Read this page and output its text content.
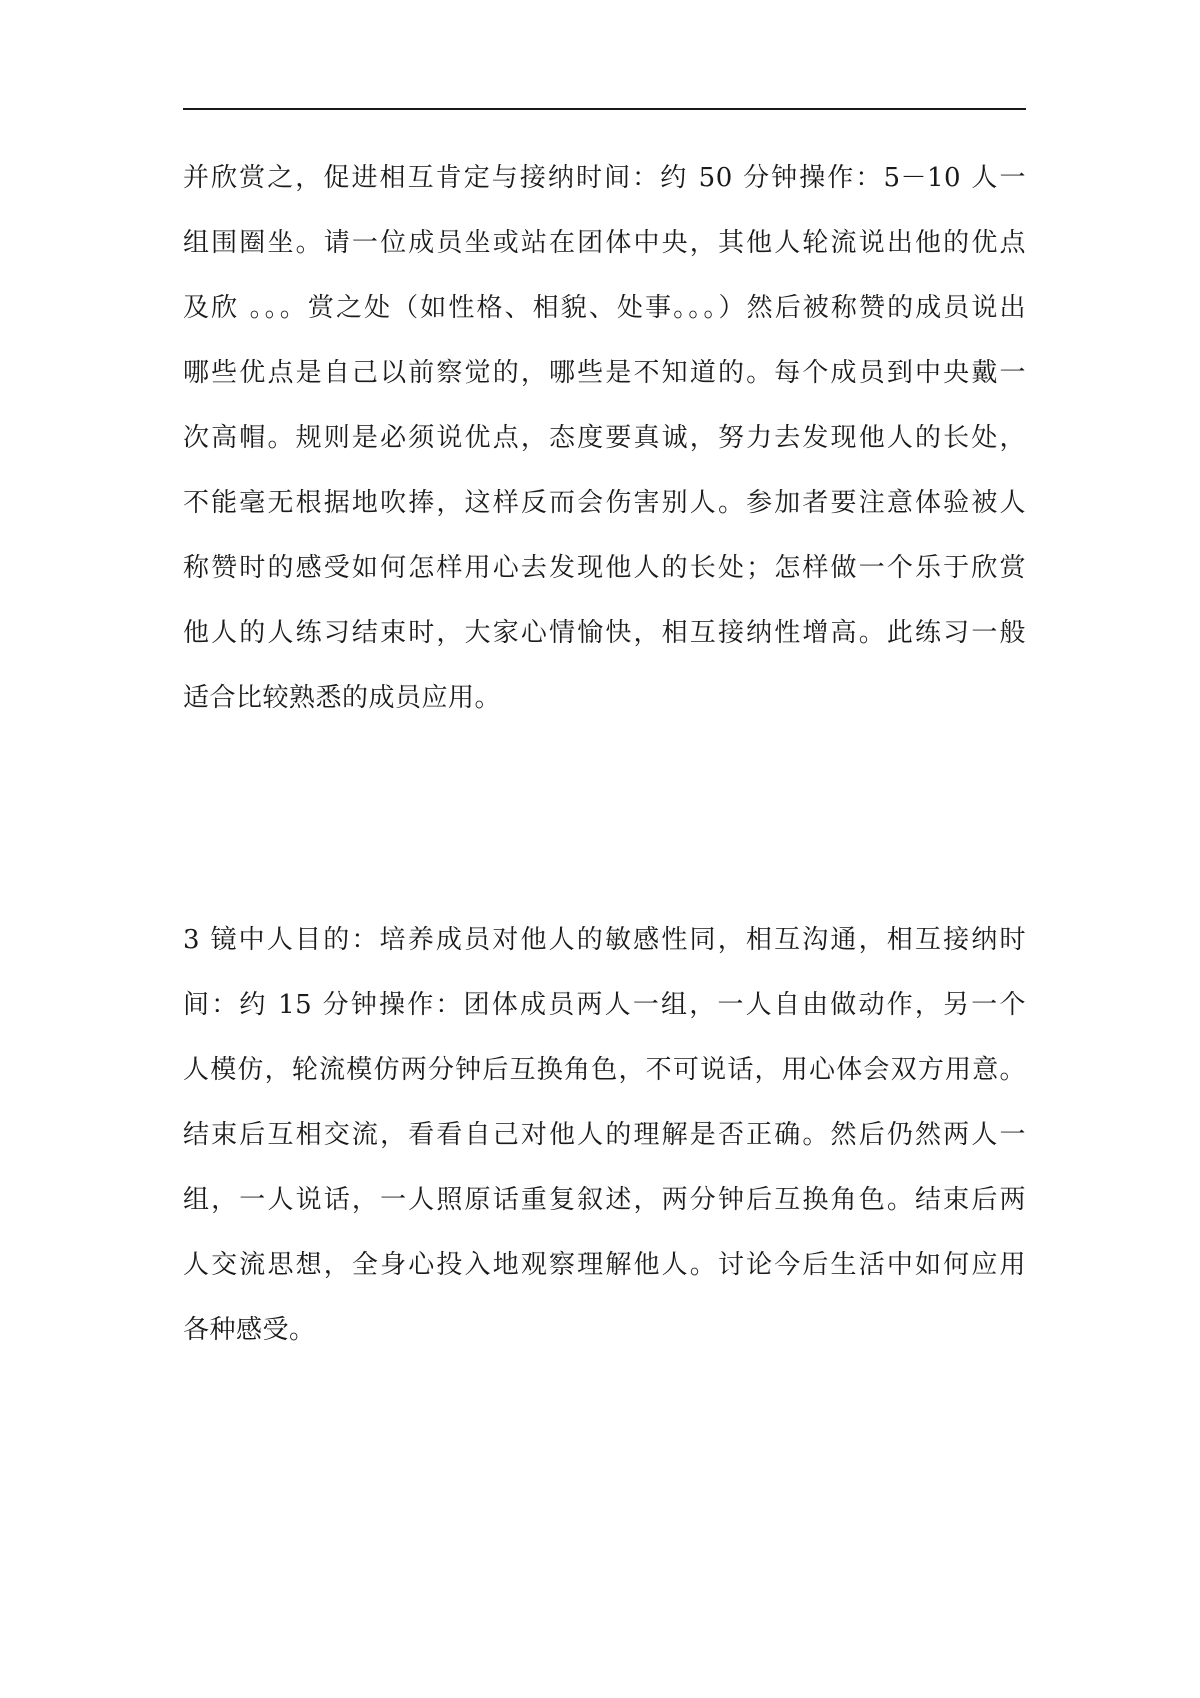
并欣赏之，促进相互肯定与接纳时间：约 50 分钟操作：5－10 人一
组围圈坐。请一位成员坐或站在团体中央，其他人轮流说出他的优点
及欣 。。。赏之处（如性格、相貌、处事。。。）然后被称赞的成员说出
哪些优点是自己以前察觉的，哪些是不知道的。每个成员到中央戴一
次高帽。规则是必须说优点，态度要真诚，努力去发现他人的长处，
不能毫无根据地吹捧，这样反而会伤害别人。参加者要注意体验被人
称赞时的感受如何怎样用心去发现他人的长处；怎样做一个乐于欣赏
他人的人练习结束时，大家心情愉快，相互接纳性增高。此练习一般
适合比较熟悉的成员应用。
3 镜中人目的：培养成员对他人的敏感性同，相互沟通，相互接纳时
间：约 15 分钟操作：团体成员两人一组，一人自由做动作，另一个
人模仿，轮流模仿两分钟后互换角色，不可说话，用心体会双方用意。
结束后互相交流，看看自己对他人的理解是否正确。然后仍然两人一
组，一人说话，一人照原话重复叙述，两分钟后互换角色。结束后两
人交流思想，全身心投入地观察理解他人。讨论今后生活中如何应用
各种感受。
